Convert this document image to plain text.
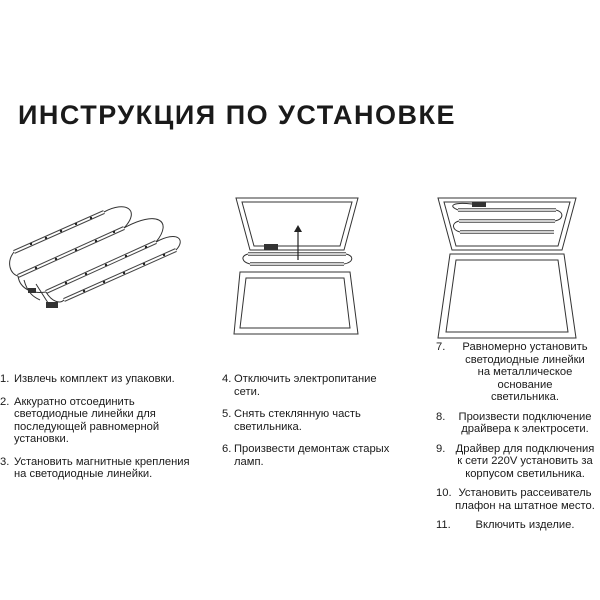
ИНСТРУКЦИЯ ПО УСТАНОВКЕ
1. Извлечь комплект из упаковки.
2. Аккуратно отсоединить
светодиодные линейки для
последующей равномерной
установки.
3. Установить магнитные крепления
на светодиодные линейки.
4. Отключить электропитание
сети.
5. Снять стеклянную часть
светильника.
6. Произвести демонтаж старых
ламп.
7.	Равномерно установить
светодиодные линейки
на металлическое основание
светильника.
8.	Произвести подключение
драйвера к электросети.
9. Драйвер для подключения
к сети 220V установить за
корпусом светильника.
10. Установить рассеиватель
плафон на штатное место.
11.	Включить изделие.
